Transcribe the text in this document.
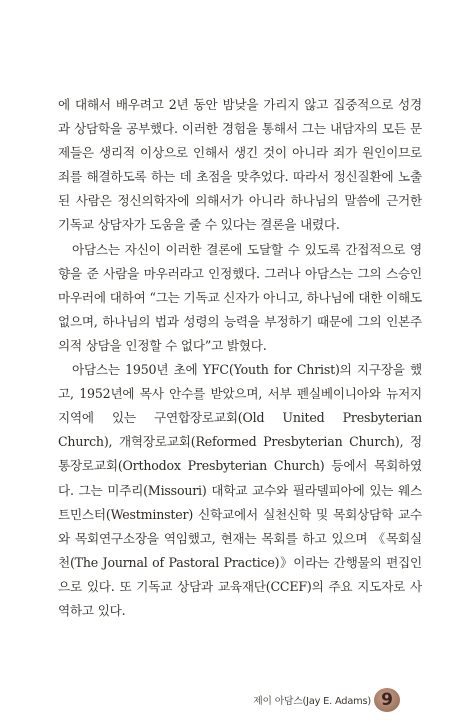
에 대해서 배우려고 2년 동안 밤낮을 가리지 않고 집중적으로 성경과 상담학을 공부했다. 이러한 경험을 통해서 그는 내담자의 모든 문제들은 생리적 이상으로 인해서 생긴 것이 아니라 죄가 원인이므로 죄를 해결하도록 하는 데 초점을 맞추었다. 따라서 정신질환에 노출된 사람은 정신의학자에 의해서가 아니라 하나님의 말씀에 근거한 기독교 상담자가 도움을 줄 수 있다는 결론을 내렸다.

아담스는 자신이 이러한 결론에 도달할 수 있도록 간접적으로 영향을 준 사람을 마우러라고 인정했다. 그러나 아담스는 그의 스승인 마우러에 대하여 “그는 기독교 신자가 아니고, 하나님에 대한 이해도 없으며, 하나님의 법과 성령의 능력을 부정하기 때문에 그의 인본주의적 상담을 인정할 수 없다”고 밝혔다.

아담스는 1950년 초에 YFC(Youth for Christ)의 지구장을 했고, 1952년에 목사 안수를 받았으며, 서부 펜실베이니아와 뉴저지 지역에 있는 구연합장로교회(Old United Presbyterian Church), 개혁장로교회(Reformed Presbyterian Church), 정통장로교회(Orthodox Presbyterian Church) 등에서 목회하였다. 그는 미주리(Missouri) 대학교 교수와 필라델피아에 있는 웨스트민스터(Westminster) 신학교에서 실천신학 및 목회상담학 교수와 목회연구소장을 역임했고, 현재는 목회를 하고 있으며 《목회실천(The Journal of Pastoral Practice)》이라는 간행물의 편집인으로 있다. 또 기독교 상담과 교육재단(CCEF)의 주요 지도자로 사역하고 있다.

제이 아담스(Jay E. Adams) 9
